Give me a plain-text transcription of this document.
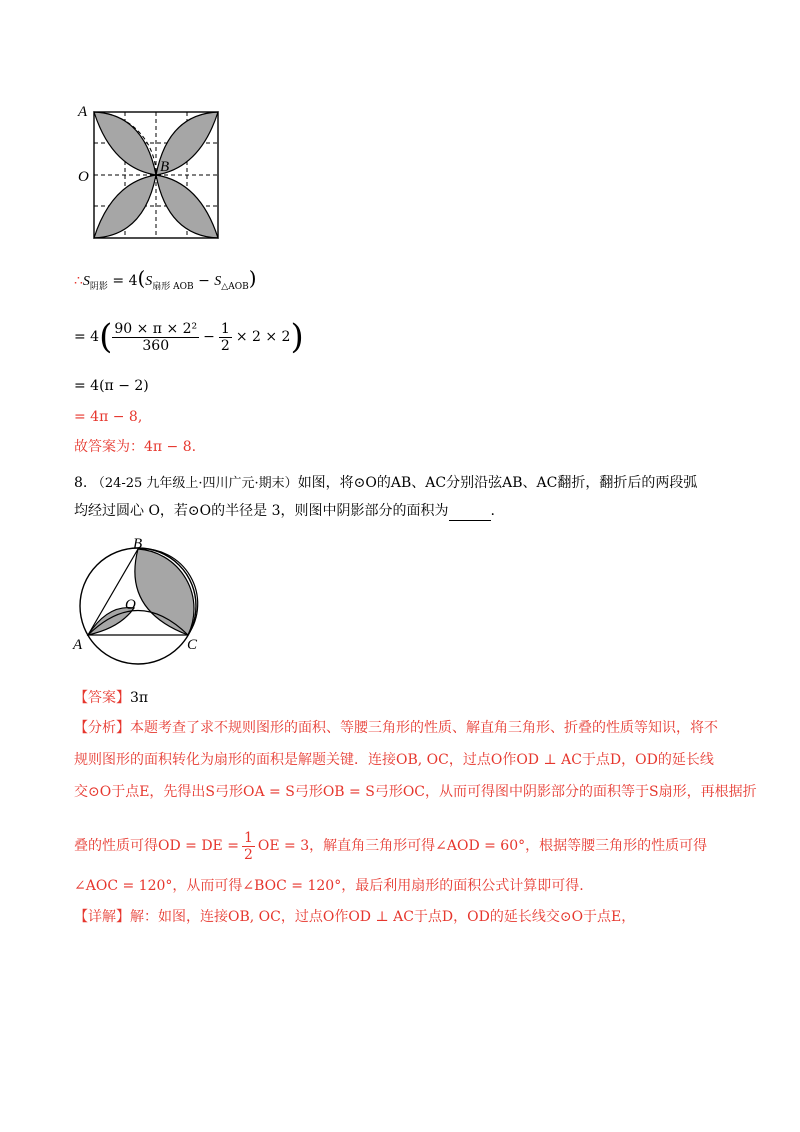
A
O
B
$\therefore S_{阴影} = 4(S_{扇形 AOB} - S_{\triangle AOB})$
= 4 ( $\frac{\text{90 × π × 2²}}{360} - \frac{1}{2} \times 2 \times 2$ )
= 4(π − 2)
= 4π − 8,
故答案为：4π − 8.
8. （24-25 九年级上·四川广元·期末）如图，将⊙O的AB、AC分别沿弦AB、AC翻折，翻折后的两段弧
均经过圆心 O，若⊙O的半径是 3，则图中阴影部分的面积为	.
B
O
A	C
【答案】3π
【分析】本题考查了求不规则图形的面积、等腰三角形的性质、解直角三角形、折叠的性质等知识，将不
规则图形的面积转化为扇形的面积是解题关键．连接OB, OC，过点O作OD ⊥ AC于点D，OD的延长线
交⊙O于点E，先得出S弓形OA = S弓形OB = S弓形OC，从而可得图中阴影部分的面积等于S扇形，再根据折
叠的性质可得OD = DE = $\frac{1}{2}$ OE = 3，解直角三角形可得∠AOD = 60°，根据等腰三角形的性质可得
∠AOC = 120°，从而可得∠BOC = 120°，最后利用扇形的面积公式计算即可得.
【详解】解：如图，连接OB, OC，过点O作OD ⊥ AC于点D，OD的延长线交⊙O于点E，
